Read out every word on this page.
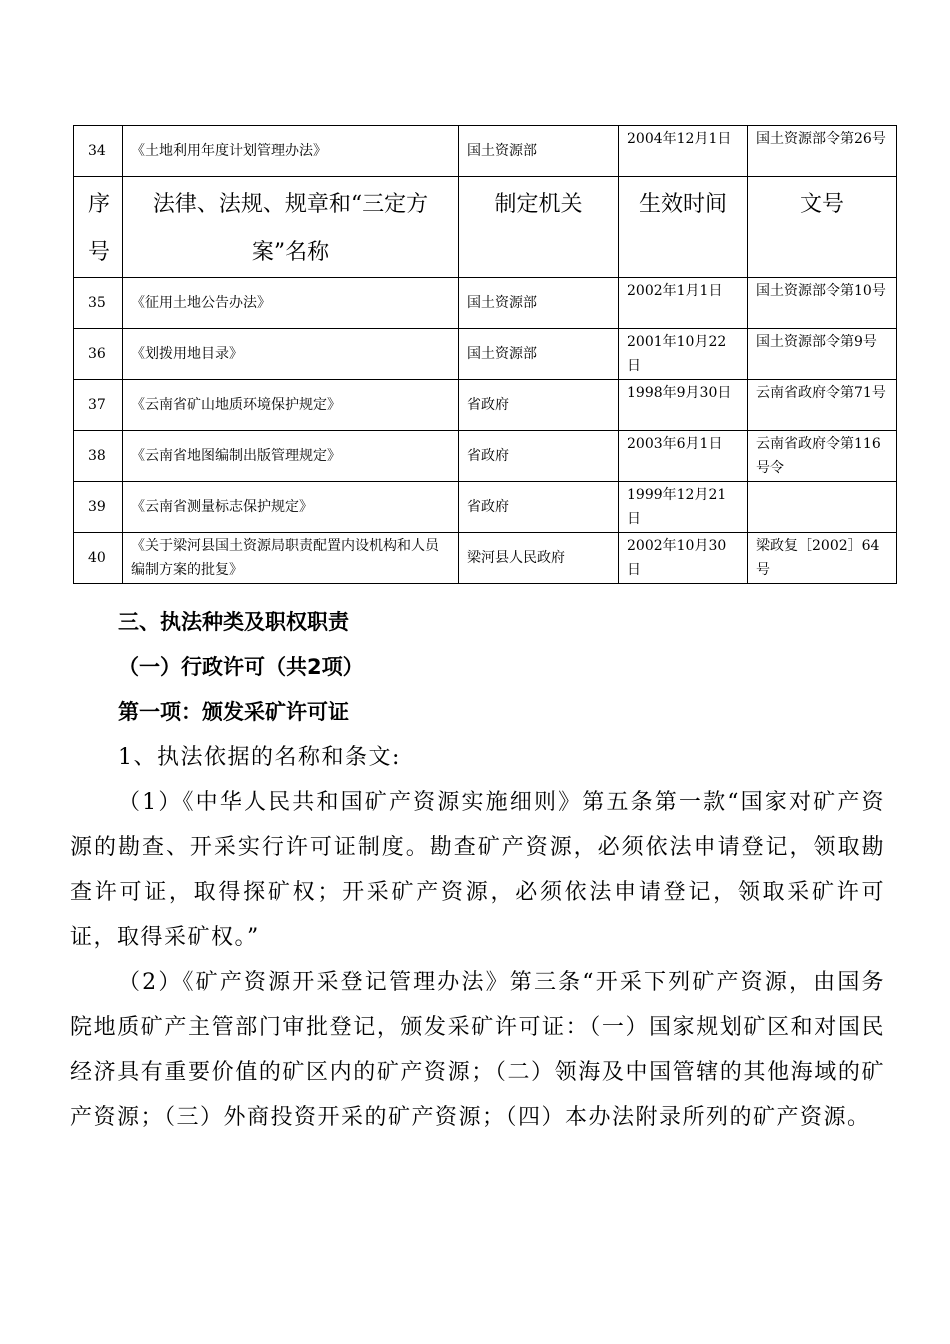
34	《土地利用年度计划管理办法》	国土资源部	2004年12月1日	国土资源部令第26号
序号	法律、法规、规章和“三定方案”名称	制定机关	生效时间	文号
35	《征用土地公告办法》	国土资源部	2002年1月1日	国土资源部令第10号
36	《划拨用地目录》	国土资源部	2001年10月22日	国土资源部令第9号
37	《云南省矿山地质环境保护规定》	省政府	1998年9月30日	云南省政府令第71号
38	《云南省地图编制出版管理规定》	省政府	2003年6月1日	云南省政府令第116号令
39	《云南省测量标志保护规定》	省政府	1999年12月21日	
40	《关于梁河县国土资源局职责配置内设机构和人员编制方案的批复》	梁河县人民政府	2002年10月30日	梁政复［2002］64号

三、执法种类及职权职责

（一）行政许可（共2项）

第一项：颁发采矿许可证

1、执法依据的名称和条文:

（1）《中华人民共和国矿产资源实施细则》第五条第一款“国家对矿产资源的勘查、开采实行许可证制度。勘查矿产资源，必须依法申请登记，领取勘查许可证，取得探矿权；开采矿产资源，必须依法申请登记，领取采矿许可证，取得采矿权。”

（2）《矿产资源开采登记管理办法》第三条“开采下列矿产资源，由国务院地质矿产主管部门审批登记，颁发采矿许可证：（一）国家规划矿区和对国民经济具有重要价值的矿区内的矿产资源；（二）领海及中国管辖的其他海域的矿产资源；（三）外商投资开采的矿产资源；（四）本办法附录所列的矿产资源。
